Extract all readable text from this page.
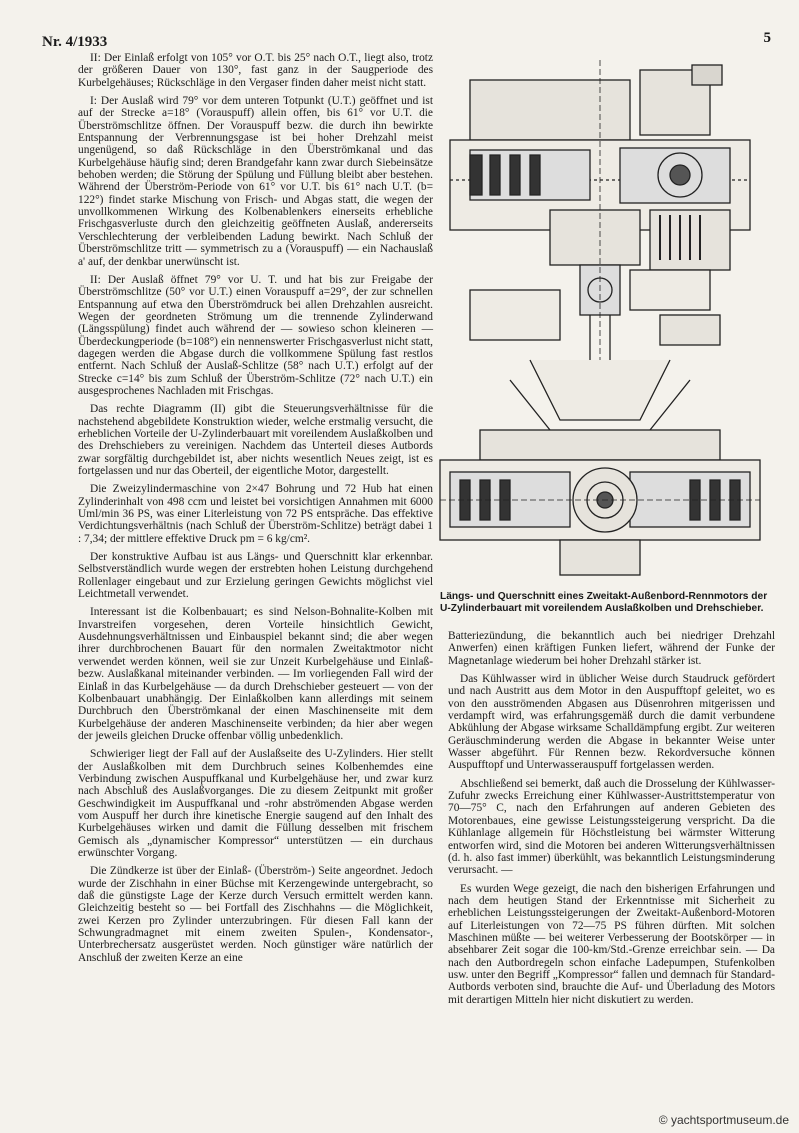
Nr. 4/1933	5

II: Der Einlaß erfolgt von 105° vor O.T. bis 25° nach O.T., liegt also, trotz der größeren Dauer von 130°, fast ganz in der Saugperiode des Kurbelgehäuses; Rückschläge in den Vergaser finden daher meist nicht statt.

I: Der Auslaß wird 79° vor dem unteren Totpunkt (U.T.) geöffnet und ist auf der Strecke a=18° (Vorauspuff) allein offen, bis 61° vor U.T. die Überströmschlitze öffnen. Der Vorauspuff bezw. die durch ihn bewirkte Entspannung der Verbrennungsgase ist bei hoher Drehzahl meist ungenügend, so daß Rückschläge in den Überströmkanal und das Kurbelgehäuse häufig sind; deren Brandgefahr kann zwar durch Siebeinsätze behoben werden; die Störung der Spülung und Füllung bleibt aber bestehen. Während der Überström-Periode von 61° vor U.T. bis 61° nach U.T. (b= 122°) findet starke Mischung von Frisch- und Abgas statt, die wegen der unvollkommenen Wirkung des Kolbenablenkers einerseits erhebliche Frischgasverluste durch den gleichzeitig geöffneten Auslaß, andererseits Verschlechterung der verbleibenden Ladung bewirkt. Nach Schluß der Überströmschlitze tritt — symmetrisch zu a (Vorauspuff) — ein Nachauslaß a' auf, der denkbar unerwünscht ist.

II: Der Auslaß öffnet 79° vor U. T. und hat bis zur Freigabe der Überströmschlitze (50° vor U.T.) einen Vorauspuff a=29°, der zur schnellen Entspannung auf etwa den Überströmdruck bei allen Drehzahlen ausreicht. Wegen der geordneten Strömung um die trennende Zylinderwand (Längsspülung) findet auch während der — sowieso schon kleineren — Überdeckungperiode (b=108°) ein nennenswerter Frischgasverlust nicht statt, dagegen werden die Abgase durch die vollkommene Spülung fast restlos entfernt. Nach Schluß der Auslaß-Schlitze (58° nach U.T.) erfolgt auf der Strecke c=14° bis zum Schluß der Überström-Schlitze (72° nach U.T.) ein ausgesprochenes Nachladen mit Frischgas.

Das rechte Diagramm (II) gibt die Steuerungsverhältnisse für die nachstehend abgebildete Konstruktion wieder, welche erstmalig versucht, die erheblichen Vorteile der U-Zylinderbauart mit voreilendem Auslaßkolben und des Drehschiebers zu vereinigen. Nachdem das Unterteil dieses Autbords zwar sorgfältig durchgebildet ist, aber nichts wesentlich Neues zeigt, ist es fortgelassen und nur das Oberteil, der eigentliche Motor, dargestellt.

Die Zweizylindermaschine von 2×47 Bohrung und 72 Hub hat einen Zylinderinhalt von 498 ccm und leistet bei vorsichtigen Annahmen mit 6000 Uml/min 36 PS, was einer Literleistung von 72 PS entspräche. Das effektive Verdichtungsverhältnis (nach Schluß der Überström-Schlitze) beträgt dabei 1 : 7,34; der mittlere effektive Druck pm = 6 kg/cm².

Der konstruktive Aufbau ist aus Längs- und Querschnitt klar erkennbar. Selbstverständlich wurde wegen der erstrebten hohen Leistung durchgehend Rollenlager eingebaut und zur Erzielung geringen Gewichts möglichst viel Leichtmetall verwendet.

Interessant ist die Kolbenbauart; es sind Nelson-Bohnalite-Kolben mit Invarstreifen vorgesehen, deren Vorteile hinsichtlich Gewicht, Ausdehnungsverhältnissen und Einbauspiel bekannt sind; die aber wegen ihrer durchbrochenen Bauart für den normalen Zweitaktmotor nicht verwendet werden können, weil sie zur Unzeit Kurbelgehäuse und Einlaß- bezw. Auslaßkanal miteinander verbinden. — Im vorliegenden Fall wird der Einlaß in das Kurbelgehäuse — da durch Drehschieber gesteuert — von der Kolbenbauart unabhängig. Der Einlaßkolben kann allerdings mit seinem Durchbruch den Überströmkanal der einen Maschinenseite mit dem Kurbelgehäuse der anderen Maschinenseite verbinden; da hier aber wegen der jeweils gleichen Drucke offenbar völlig unbedenklich.

Schwieriger liegt der Fall auf der Auslaßseite des U-Zylinders. Hier stellt der Auslaßkolben mit dem Durchbruch seines Kolbenhemdes eine Verbindung zwischen Auspuffkanal und Kurbelgehäuse her, und zwar kurz nach Abschluß des Auslaßvorganges. Die zu diesem Zeitpunkt mit großer Geschwindigkeit im Auspuffkanal und -rohr abströmenden Abgase werden vom Auspuff her durch ihre kinetische Energie saugend auf den Inhalt des Kurbelgehäuses wirken und damit die Füllung desselben mit frischem Gemisch als „dynamischer Kompressor“ unterstützen — ein durchaus erwünschter Vorgang.

Die Zündkerze ist über der Einlaß- (Überström-) Seite angeordnet. Jedoch wurde der Zischhahn in einer Büchse mit Kerzengewinde untergebracht, so daß die günstigste Lage der Kerze durch Versuch ermittelt werden kann. Gleichzeitig besteht so — bei Fortfall des Zischhahns — die Möglichkeit, zwei Kerzen pro Zylinder unterzubringen. Für diesen Fall kann der Schwungradmagnet mit einem zweiten Spulen-, Kondensator-, Unterbrechersatz ausgerüstet werden. Noch günstiger wäre natürlich der Anschluß der zweiten Kerze an eine

Längs- und Querschnitt eines Zweitakt-Außenbord-Rennmotors der U-Zylinderbauart mit voreilendem Auslaßkolben und Drehschieber.

Batteriezündung, die bekanntlich auch bei niedriger Drehzahl Anwerfen) einen kräftigen Funken liefert, während der Funke der Magnetanlage wiederum bei hoher Drehzahl stärker ist.

Das Kühlwasser wird in üblicher Weise durch Staudruck gefördert und nach Austritt aus dem Motor in den Auspufftopf geleitet, wo es von den ausströmenden Abgasen aus Düsenrohren mitgerissen und verdampft wird, was erfahrungsgemäß durch die damit verbundene Abkühlung der Abgase wirksame Schalldämpfung ergibt. Zur weiteren Geräuschminderung werden die Abgase in bekannter Weise unter Wasser abgeführt. Für Rennen bezw. Rekordversuche können Auspufftopf und Unterwasserauspuff fortgelassen werden.

Abschließend sei bemerkt, daß auch die Drosselung der Kühlwasser-Zufuhr zwecks Erreichung einer Kühlwasser-Austrittstemperatur von 70—75° C, nach den Erfahrungen auf anderen Gebieten des Motorenbaues, eine gewisse Leistungssteigerung verspricht. Da die Kühlanlage allgemein für Höchstleistung bei wärmster Witterung entworfen wird, sind die Motoren bei anderen Witterungsverhältnissen (d. h. also fast immer) überkühlt, was bekanntlich Leistungsminderung verursacht. —

Es wurden Wege gezeigt, die nach den bisherigen Erfahrungen und nach dem heutigen Stand der Erkenntnisse mit Sicherheit zu erheblichen Leistungssteigerungen der Zweitakt-Außenbord-Motoren auf Literleistungen von 72—75 PS führen dürften. Mit solchen Maschinen müßte — bei weiterer Verbesserung der Bootskörper — in absehbarer Zeit sogar die 100-km/Std.-Grenze erreichbar sein. — Da nach den Autbordregeln schon einfache Ladepumpen, Stufenkolben usw. unter den Begriff „Kompressor“ fallen und demnach für Standard-Autbords verboten sind, brauchte die Auf- und Überladung des Motors mit derartigen Mitteln hier nicht diskutiert zu werden.

© yachtsportmuseum.de
